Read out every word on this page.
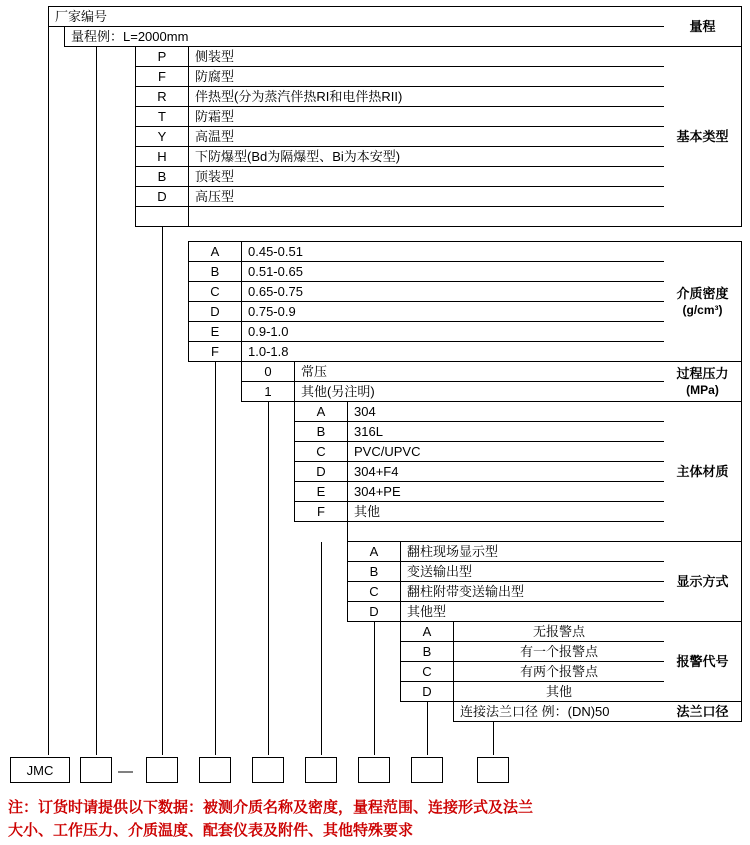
厂家编号
量程例：L=2000mm
量程
P
F
R
T
Y
H
B
D
侧装型
防腐型
伴热型(分为蒸汽伴热RI和电伴热RII)
防霜型
高温型
下防爆型(Bd为隔爆型、Bi为本安型)
顶装型
高压型
基本类型
A
B
C
D
E
F
0.45-0.51
0.51-0.65
0.65-0.75
0.75-0.9
0.9-1.0
1.0-1.8
介质密度
(g/cm³)
0
1
常压
其他(另注明)
过程压力
(MPa)
A
B
C
D
E
F
304
316L
PVC/UPVC
304+F4
304+PE
其他
主体材质
A
B
C
D
翻柱现场显示型
变送输出型
翻柱附带变送输出型
其他型
显示方式
A
B
C
D
无报警点
有一个报警点
有两个报警点
其他
报警代号
连接法兰口径 例：(DN)50	法兰口径
JMC	—
注：订货时请提供以下数据：被测介质名称及密度，量程范围、连接形式及法兰
大小、工作压力、介质温度、配套仪表及附件、其他特殊要求
